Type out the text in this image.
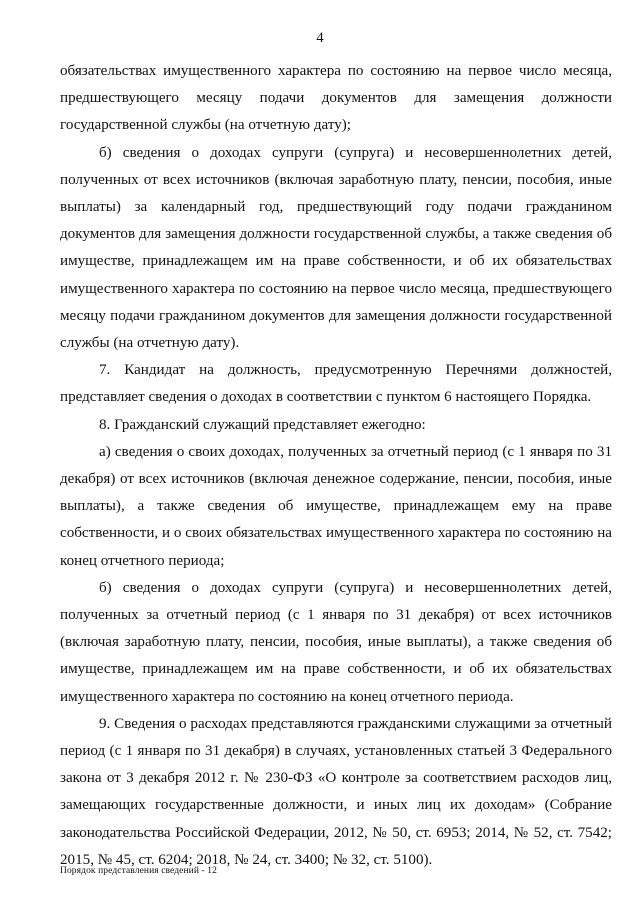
4

обязательствах имущественного характера по состоянию на первое число месяца, предшествующего месяцу подачи документов для замещения должности государственной службы (на отчетную дату);

б) сведения о доходах супруги (супруга) и несовершеннолетних детей, полученных от всех источников (включая заработную плату, пенсии, пособия, иные выплаты) за календарный год, предшествующий году подачи гражданином документов для замещения должности государственной службы, а также сведения об имуществе, принадлежащем им на праве собственности, и об их обязательствах имущественного характера по состоянию на первое число месяца, предшествующего месяцу подачи гражданином документов для замещения должности государственной службы (на отчетную дату).

7. Кандидат на должность, предусмотренную Перечнями должностей, представляет сведения о доходах в соответствии с пунктом 6 настоящего Порядка.

8. Гражданский служащий представляет ежегодно:

а) сведения о своих доходах, полученных за отчетный период (с 1 января по 31 декабря) от всех источников (включая денежное содержание, пенсии, пособия, иные выплаты), а также сведения об имуществе, принадлежащем ему на праве собственности, и о своих обязательствах имущественного характера по состоянию на конец отчетного периода;

б) сведения о доходах супруги (супруга) и несовершеннолетних детей, полученных за отчетный период (с 1 января по 31 декабря) от всех источников (включая заработную плату, пенсии, пособия, иные выплаты), а также сведения об имуществе, принадлежащем им на праве собственности, и об их обязательствах имущественного характера по состоянию на конец отчетного периода.

9. Сведения о расходах представляются гражданскими служащими за отчетный период (с 1 января по 31 декабря) в случаях, установленных статьей 3 Федерального закона от 3 декабря 2012 г. № 230-ФЗ «О контроле за соответствием расходов лиц, замещающих государственные должности, и иных лиц их доходам» (Собрание законодательства Российской Федерации, 2012, № 50, ст. 6953; 2014, № 52, ст. 7542; 2015, № 45, ст. 6204; 2018, № 24, ст. 3400; № 32, ст. 5100).

Порядок представления сведений - 12
